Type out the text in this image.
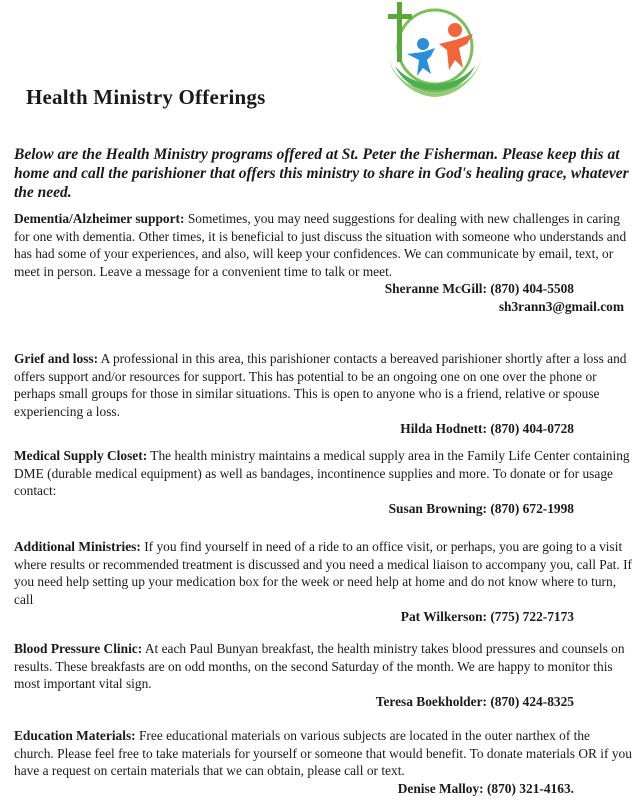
Health Ministry Offerings

Below are the Health Ministry programs offered at St. Peter the Fisherman. Please keep this at home and call the parishioner that offers this ministry to share in God's healing grace, whatever the need.

Dementia/Alzheimer support: Sometimes, you may need suggestions for dealing with new challenges in caring for one with dementia. Other times, it is beneficial to just discuss the situation with someone who understands and has had some of your experiences, and also, will keep your confidences. We can communicate by email, text, or meet in person. Leave a message for a convenient time to talk or meet.

Sheranne McGill: (870) 404-5508

sh3rann3@gmail.com

Grief and loss: A professional in this area, this parishioner contacts a bereaved parishioner shortly after a loss and offers support and/or resources for support. This has potential to be an ongoing one on one over the phone or perhaps small groups for those in similar situations. This is open to anyone who is a friend, relative or spouse experiencing a loss.

Hilda Hodnett: (870) 404-0728

Medical Supply Closet: The health ministry maintains a medical supply area in the Family Life Center containing DME (durable medical equipment) as well as bandages, incontinence supplies and more. To donate or for usage contact:

Susan Browning: (870) 672-1998

Additional Ministries: If you find yourself in need of a ride to an office visit, or perhaps, you are going to a visit where results or recommended treatment is discussed and you need a medical liaison to accompany you, call Pat. If you need help setting up your medication box for the week or need help at home and do not know where to turn, call

Pat Wilkerson: (775) 722-7173

Blood Pressure Clinic: At each Paul Bunyan breakfast, the health ministry takes blood pressures and counsels on results. These breakfasts are on odd months, on the second Saturday of the month. We are happy to monitor this most important vital sign.

Teresa Boekholder: (870) 424-8325

Education Materials: Free educational materials on various subjects are located in the outer narthex of the church. Please feel free to take materials for yourself or someone that would benefit. To donate materials OR if you have a request on certain materials that we can obtain, please call or text.

Denise Malloy: (870) 321-4163.
